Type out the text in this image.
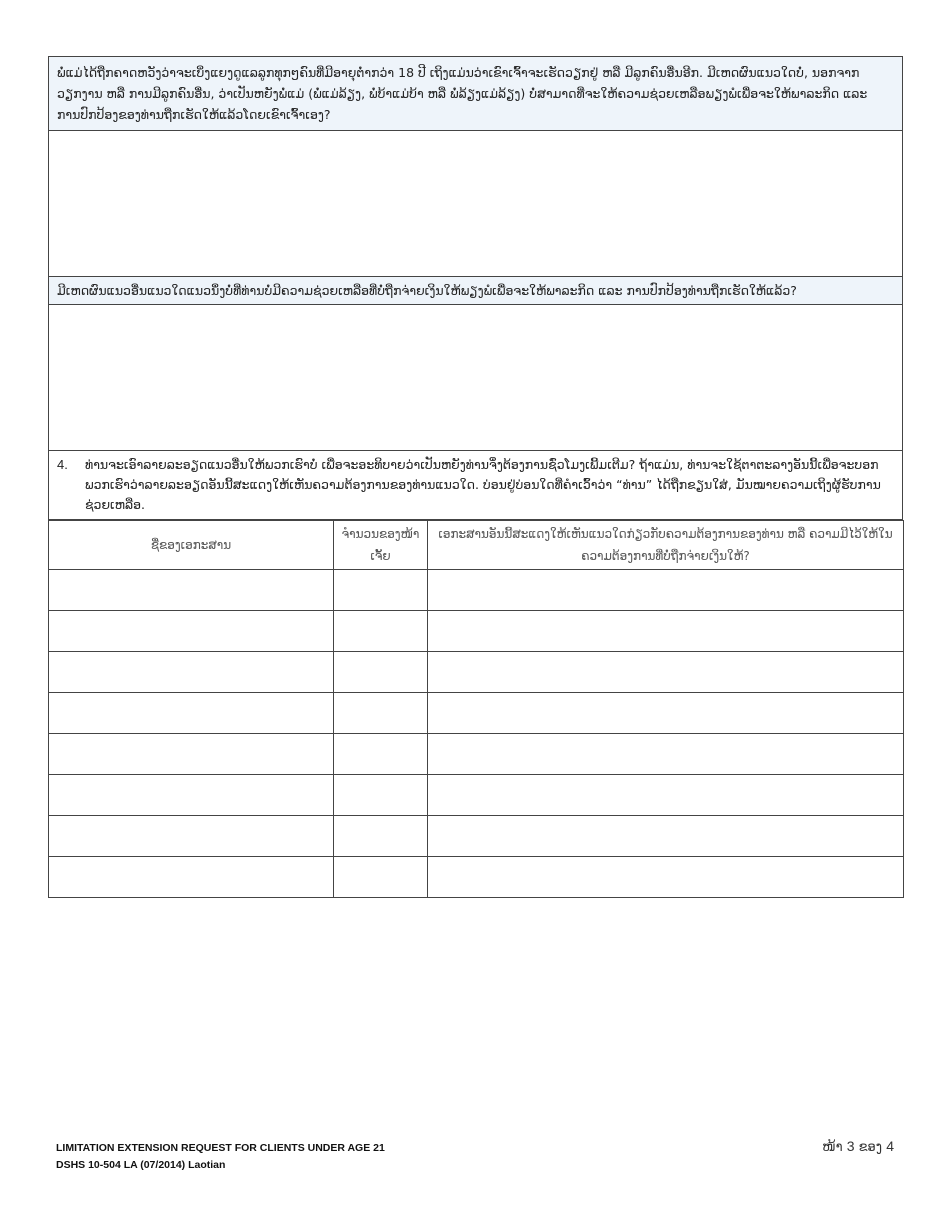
ພໍ່ແມ່ໄດ້ຖືກຄາດຫວັງວ່າຈະເບິ່ງແຍງດູແລລູກທຸກໆຄົນທີ່ມີອາຍຸຕໍ່າກວ່າ 18 ປີ ເຖິງແມ່ນວ່າເຂົາເຈົ້າຈະເຮັດວຽກຢູ່ ຫລື ມີລູກຄົນອື່ນອີກ. ມີເຫດຜົນແນວໃດບໍ່, ນອກຈາກວຽກງານ ຫລື ການມີລູກຄົນອື່ນ, ວ່າເປັນຫຍັງພໍ່ແມ່ (ພໍ່ແມ່ລ້ຽງ, ພໍ່ບ້າແມ່ບ້າ ຫລື ພໍ່ລ້ຽງແມ່ລ້ຽງ) ບໍ່ສາມາດທີ່ຈະໃຫ້ຄວາມຊ່ວຍເຫລືອພຽງພໍເພື່ອຈະໃຫ້ພາລະກິດ ແລະ ການປົກປ້ອງຂອງທ່ານຖືກເຮັດໃຫ້ແລ້ວໂດຍເຂົາເຈົ້າເອງ?
ມີເຫດຜົນແນວອື່ນແນວໃດແນວນຶ່ງບໍ່ທີ່ທ່ານບໍ່ມີຄວາມຊ່ວຍເຫລືອທີ່ບໍ່ຖືກຈ່າຍເງິນໃຫ້ພຽງພໍເພື່ອຈະໃຫ້ພາລະກິດ ແລະ ການປົກປ້ອງທ່ານຖືກເຮັດໃຫ້ແລ້ວ?
4.	ທ່ານຈະເອົາລາຍລະອຽດແນວອື່ນໃຫ້ພວກເຮົາບໍ່ ເພື່ອຈະອະທິບາຍວ່າເປັນຫຍັງທ່ານຈຶ່ງຕ້ອງການຊົ່ວໂມງເພີ້ມເຕີມ? ຖ້າແມ່ນ, ທ່ານຈະໃຊ້ຕາຕະລາງອັນນີ້ເພື່ອຈະບອກພວກເຮົາວ່າລາຍລະອຽດອັນນີ້ສະແດງໃຫ້ເຫັນຄວາມຕ້ອງການຂອງທ່ານແນວໃດ. ບ່ອນຢູ່ບ່ອນໃດທີ່ຄຳເວົ້າວ່າ “ທ່ານ” ໄດ້ຖືກຂຽນໃສ່, ມັນໝາຍຄວາມເຖິງຜູ້ຮັບການຊ່ວຍເຫລືອ.
ຊື່ຂອງເອກະສານ	ຈຳນວນຂອງໜ້າເຈັ້ຍ	ເອກະສານອັນນີ້ສະແດງໃຫ້ເຫັນແນວໃດກ່ຽວກັບຄວາມຕ້ອງການຂອງທ່ານ ຫລື ຄວາມມີໄວ້ໃຫ້ໃນຄວາມຕ້ອງການທີ່ບໍ່ຖືກຈ່າຍເງິນໃຫ້?

LIMITATION EXTENSION REQUEST FOR CLIENTS UNDER AGE 21
DSHS 10-504 LA (07/2014) Laotian
ໜ້າ 3 ຂອງ 4
